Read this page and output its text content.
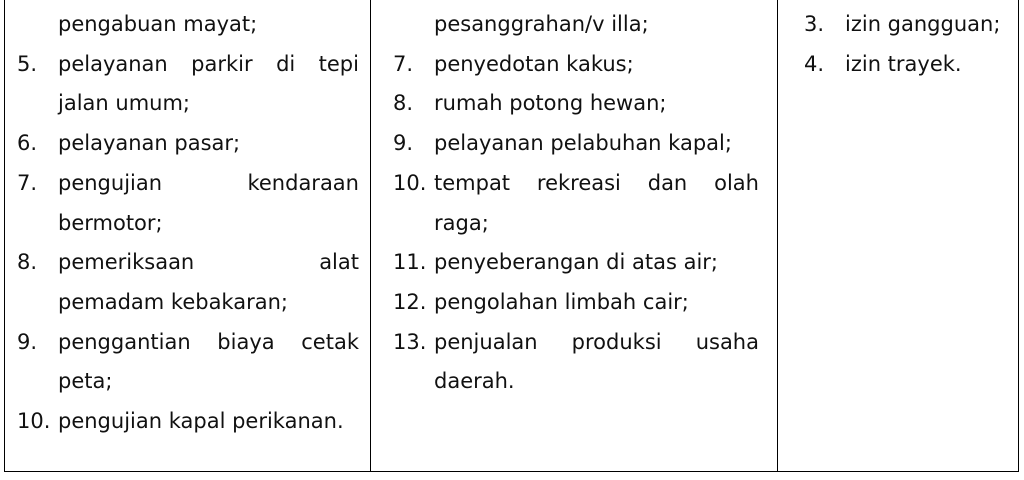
pengabuan mayat;
5. pelayanan parkir di tepi
jalan umum;
6. pelayanan pasar;
7. pengujian	kendaraan
bermotor;
8. pemeriksaan	alat
pemadam kebakaran;
9. penggantian biaya cetak
peta;
10. pengujian kapal perikanan.
pesanggrahan/v illa;
7. penyedotan kakus;
8. rumah potong hewan;
9. pelayanan pelabuhan kapal;
10. tempat rekreasi dan olah
raga;
11. penyeberangan di atas air;
12. pengolahan limbah cair;
13. penjualan produksi usaha
daerah.
3. izin gangguan;
4. izin trayek.
